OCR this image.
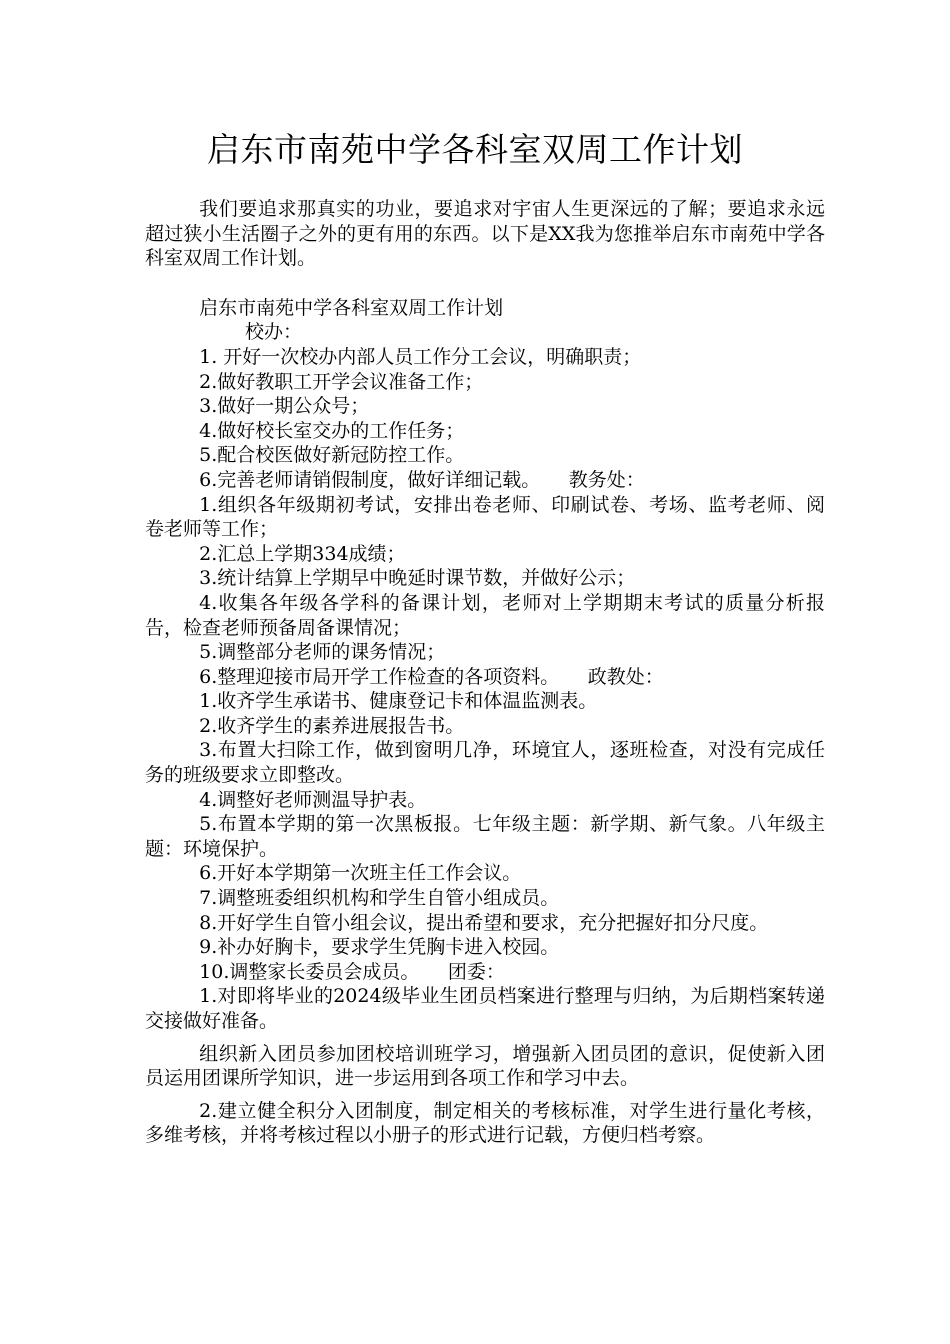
启东市南苑中学各科室双周工作计划

我们要追求那真实的功业，要追求对宇宙人生更深远的了解；要追求永远超过狭小生活圈子之外的更有用的东西。以下是XX我为您推举启东市南苑中学各科室双周工作计划。

启东市南苑中学各科室双周工作计划

校办：

1. 开好一次校办内部人员工作分工会议，明确职责；

2.做好教职工开学会议准备工作；

3.做好一期公众号；

4.做好校长室交办的工作任务；

5.配合校医做好新冠防控工作。

6.完善老师请销假制度，做好详细记载。　　教务处：

1.组织各年级期初考试，安排出卷老师、印刷试卷、考场、监考老师、阅卷老师等工作；

2.汇总上学期334成绩；

3.统计结算上学期早中晚延时课节数，并做好公示；

4.收集各年级各学科的备课计划，老师对上学期期末考试的质量分析报告，检查老师预备周备课情况；

5.调整部分老师的课务情况；

6.整理迎接市局开学工作检查的各项资料。　　政教处：

1.收齐学生承诺书、健康登记卡和体温监测表。

2.收齐学生的素养进展报告书。

3.布置大扫除工作，做到窗明几净，环境宜人，逐班检查，对没有完成任务的班级要求立即整改。

4.调整好老师测温导护表。

5.布置本学期的第一次黑板报。七年级主题：新学期、新气象。八年级主题：环境保护。

6.开好本学期第一次班主任工作会议。

7.调整班委组织机构和学生自管小组成员。

8.开好学生自管小组会议，提出希望和要求，充分把握好扣分尺度。

9.补办好胸卡，要求学生凭胸卡进入校园。

10.调整家长委员会成员。　　团委：

1.对即将毕业的2024级毕业生团员档案进行整理与归纳，为后期档案转递交接做好准备。

组织新入团员参加团校培训班学习，增强新入团员团的意识，促使新入团员运用团课所学知识，进一步运用到各项工作和学习中去。

2.建立健全积分入团制度，制定相关的考核标准，对学生进行量化考核，多维考核，并将考核过程以小册子的形式进行记载，方便归档考察。
